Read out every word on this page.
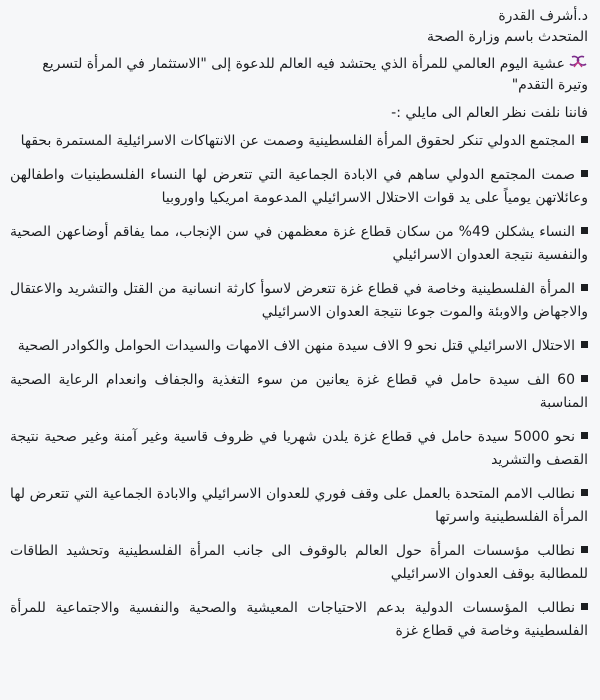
د.أشرف القدرة

المتحدث باسم وزارة الصحة

عشية اليوم العالمي للمرأة الذي يحتشد فيه العالم للدعوة إلى "الاستثمار في المرأة لتسريع وتيرة التقدم"

فاننا نلفت نظر العالم الى مايلي :-

المجتمع الدولي تنكر لحقوق المرأة الفلسطينية وصمت عن الانتهاكات الاسرائيلية المستمرة بحقها
صمت المجتمع الدولي ساهم في الابادة الجماعية التي تتعرض لها النساء الفلسطينيات واطفالهن وعائلاتهن يومياً على يد قوات الاحتلال الاسرائيلي المدعومة امريكيا واوروبيا
النساء يشكلن 49% من سكان قطاع غزة معظمهن في سن الإنجاب، مما يفاقم أوضاعهن الصحية والنفسية نتيجة العدوان الاسرائيلي
المرأة الفلسطينية وخاصة في قطاع غزة تتعرض لاسوأ كارثة انسانية من القتل والتشريد والاعتقال والاجهاض والاوبئة والموت جوعا نتيجة العدوان الاسرائيلي
الاحتلال الاسرائيلي قتل نحو 9 الاف سيدة منهن الاف الامهات والسيدات الحوامل والكوادر الصحية
60 الف سيدة حامل في قطاع غزة يعانين من سوء التغذية والجفاف وانعدام الرعاية الصحية المناسبة
نحو 5000 سيدة حامل في قطاع غزة يلدن شهريا في ظروف قاسية وغير آمنة وغير صحية نتيجة القصف والتشريد
نطالب الامم المتحدة بالعمل على وقف فوري للعدوان الاسرائيلي والابادة الجماعية التي تتعرض لها المرأة الفلسطينية واسرتها
نطالب مؤسسات المرأة حول العالم بالوقوف الى جانب المرأة الفلسطينية وتحشيد الطاقات للمطالبة بوقف العدوان الاسرائيلي
نطالب المؤسسات الدولية بدعم الاحتياجات المعيشية والصحية والنفسية والاجتماعية للمرأة الفلسطينية وخاصة في قطاع غزة
